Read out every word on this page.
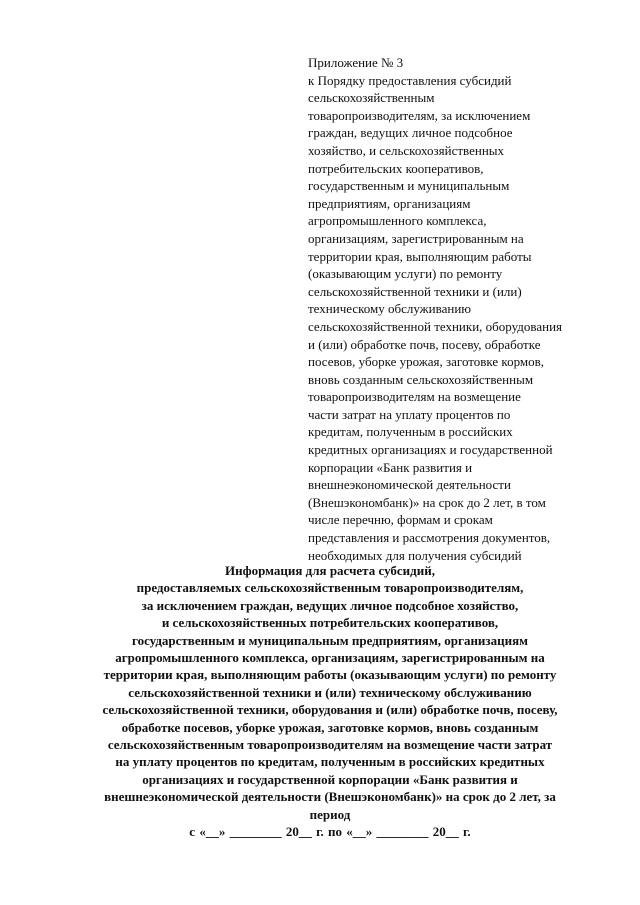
Приложение № 3
к Порядку предоставления субсидий
сельскохозяйственным
товаропроизводителям, за исключением
граждан, ведущих личное подсобное
хозяйство, и сельскохозяйственных
потребительских кооперативов,
государственным и муниципальным
предприятиям, организациям
агропромышленного комплекса,
организациям, зарегистрированным на
территории края, выполняющим работы
(оказывающим услуги) по ремонту
сельскохозяйственной техники и (или)
техническому обслуживанию
сельскохозяйственной техники, оборудования
и (или) обработке почв, посеву, обработке
посевов, уборке урожая, заготовке кормов,
вновь созданным сельскохозяйственным
товаропроизводителям на возмещение
части затрат на уплату процентов по
кредитам, полученным в российских
кредитных организациях и государственной
корпорации «Банк развития и
внешнеэкономической деятельности
(Внешэкономбанк)» на срок до 2 лет, в том
числе перечню, формам и срокам
представления и рассмотрения документов,
необходимых для получения субсидий
Информация для расчета субсидий,
предоставляемых сельскохозяйственным товаропроизводителям,
за исключением граждан, ведущих личное подсобное хозяйство,
и сельскохозяйственных потребительских кооперативов,
государственным и муниципальным предприятиям, организациям
агропромышленного комплекса, организациям, зарегистрированным на
территории края, выполняющим работы (оказывающим услуги) по ремонту
сельскохозяйственной техники и (или) техническому обслуживанию
сельскохозяйственной техники, оборудования и (или) обработке почв, посеву,
обработке посевов, уборке урожая, заготовке кормов, вновь созданным
сельскохозяйственным товаропроизводителям на возмещение части затрат
на уплату процентов по кредитам, полученным в российских кредитных
организациях и государственной корпорации «Банк развития и
внешнеэкономической деятельности (Внешэкономбанк)» на срок до 2 лет, за
период
с «__» ________ 20__ г. по «__» ________ 20__ г.
